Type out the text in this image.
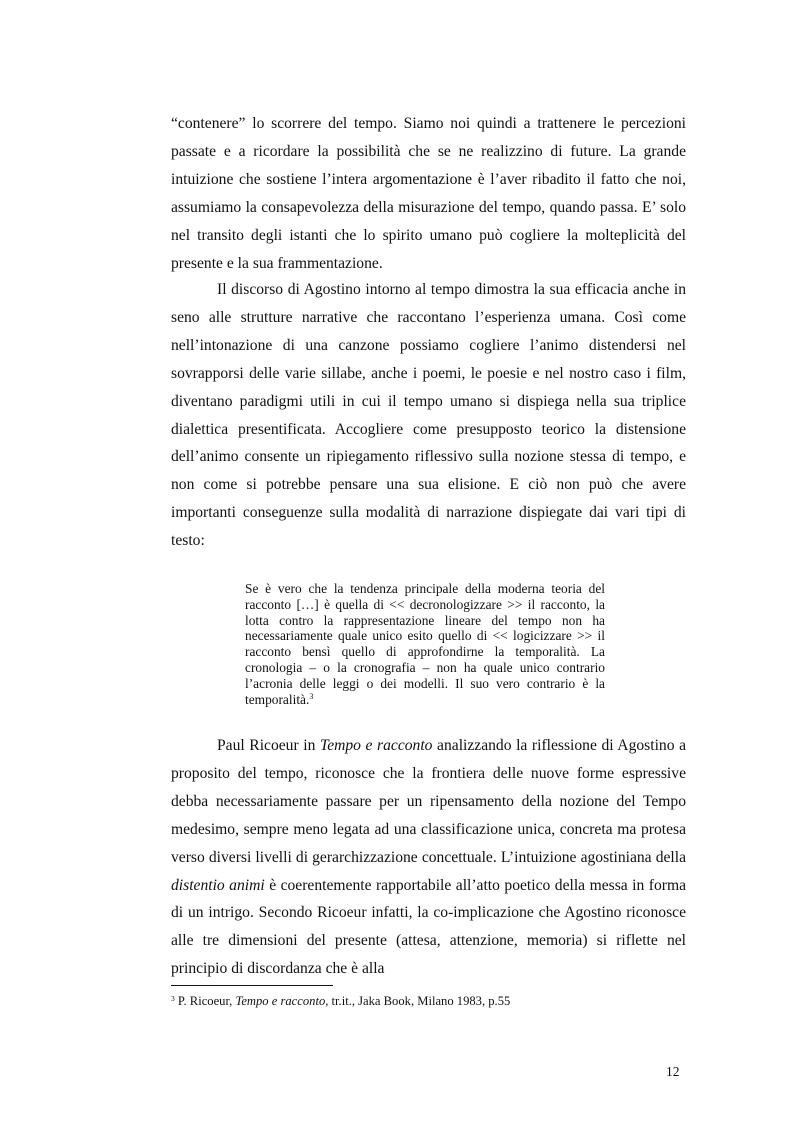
“contenere” lo scorrere del tempo. Siamo noi quindi a trattenere le percezioni passate e a ricordare la possibilità che se ne realizzino di future. La grande intuizione che sostiene l’intera argomentazione è l’aver ribadito il fatto che noi, assumiamo la consapevolezza della misurazione del tempo, quando passa. E’ solo nel transito degli istanti che lo spirito umano può cogliere la molteplicità del presente e la sua frammentazione.

Il discorso di Agostino intorno al tempo dimostra la sua efficacia anche in seno alle strutture narrative che raccontano l’esperienza umana. Così come nell’intonazione di una canzone possiamo cogliere l’animo distendersi nel sovrapporsi delle varie sillabe, anche i poemi, le poesie e nel nostro caso i film, diventano paradigmi utili in cui il tempo umano si dispiega nella sua triplice dialettica presentificata. Accogliere come presupposto teorico la distensione dell’animo consente un ripiegamento riflessivo sulla nozione stessa di tempo, e non come si potrebbe pensare una sua elisione. E ciò non può che avere importanti conseguenze sulla modalità di narrazione dispiegate dai vari tipi di testo:

Se è vero che la tendenza principale della moderna teoria del racconto […] è quella di << decronologizzare >> il racconto, la lotta contro la rappresentazione lineare del tempo non ha necessariamente quale unico esito quello di << logicizzare >> il racconto bensì quello di approfondirne la temporalità. La cronologia – o la cronografia – non ha quale unico contrario l’acronia delle leggi o dei modelli. Il suo vero contrario è la temporalità.$^3$

Paul Ricoeur in Tempo e racconto analizzando la riflessione di Agostino a proposito del tempo, riconosce che la frontiera delle nuove forme espressive debba necessariamente passare per un ripensamento della nozione del Tempo medesimo, sempre meno legata ad una classificazione unica, concreta ma protesa verso diversi livelli di gerarchizzazione concettuale. L’intuizione agostiniana della distentio animi è coerentemente rapportabile all’atto poetico della messa in forma di un intrigo. Secondo Ricoeur infatti, la co-implicazione che Agostino riconosce alle tre dimensioni del presente (attesa, attenzione, memoria) si riflette nel principio di discordanza che è alla

$^3$ P. Ricoeur, Tempo e racconto, tr.it., Jaka Book, Milano 1983, p.55

12
